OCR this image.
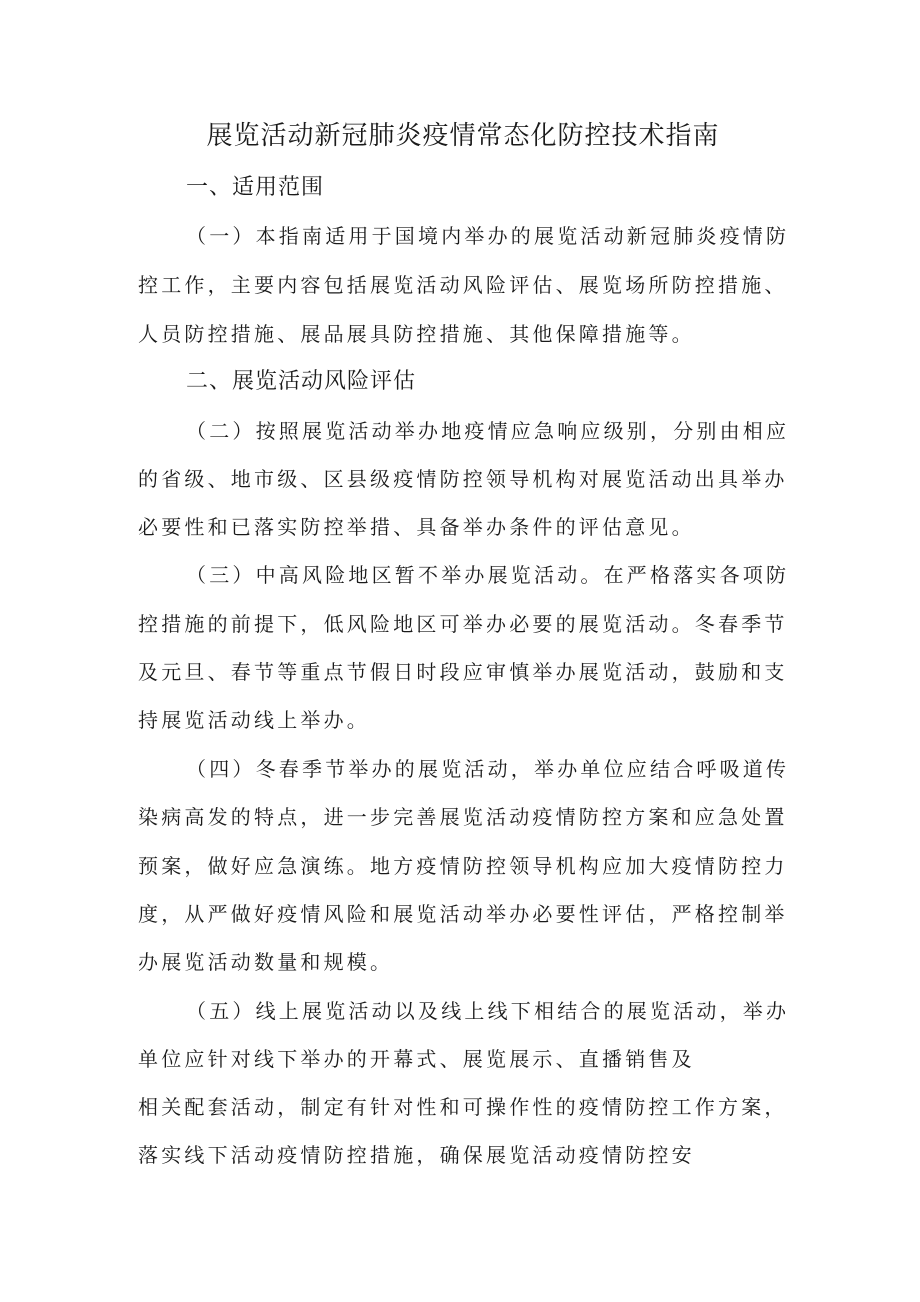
展览活动新冠肺炎疫情常态化防控技术指南
一、适用范围
（一）本指南适用于国境内举办的展览活动新冠肺炎疫情防
控工作，主要内容包括展览活动风险评估、展览场所防控措施、
人员防控措施、展品展具防控措施、其他保障措施等。
二、展览活动风险评估
（二）按照展览活动举办地疫情应急响应级别，分别由相应
的省级、地市级、区县级疫情防控领导机构对展览活动出具举办
必要性和已落实防控举措、具备举办条件的评估意见。
（三）中高风险地区暂不举办展览活动。在严格落实各项防
控措施的前提下，低风险地区可举办必要的展览活动。冬春季节
及元旦、春节等重点节假日时段应审慎举办展览活动，鼓励和支
持展览活动线上举办。
（四）冬春季节举办的展览活动，举办单位应结合呼吸道传
染病高发的特点，进一步完善展览活动疫情防控方案和应急处置
预案，做好应急演练。地方疫情防控领导机构应加大疫情防控力
度，从严做好疫情风险和展览活动举办必要性评估，严格控制举
办展览活动数量和规模。
（五）线上展览活动以及线上线下相结合的展览活动，举办
单位应针对线下举办的开幕式、展览展示、直播销售及
相关配套活动，制定有针对性和可操作性的疫情防控工作方案，
落实线下活动疫情防控措施，确保展览活动疫情防控安
